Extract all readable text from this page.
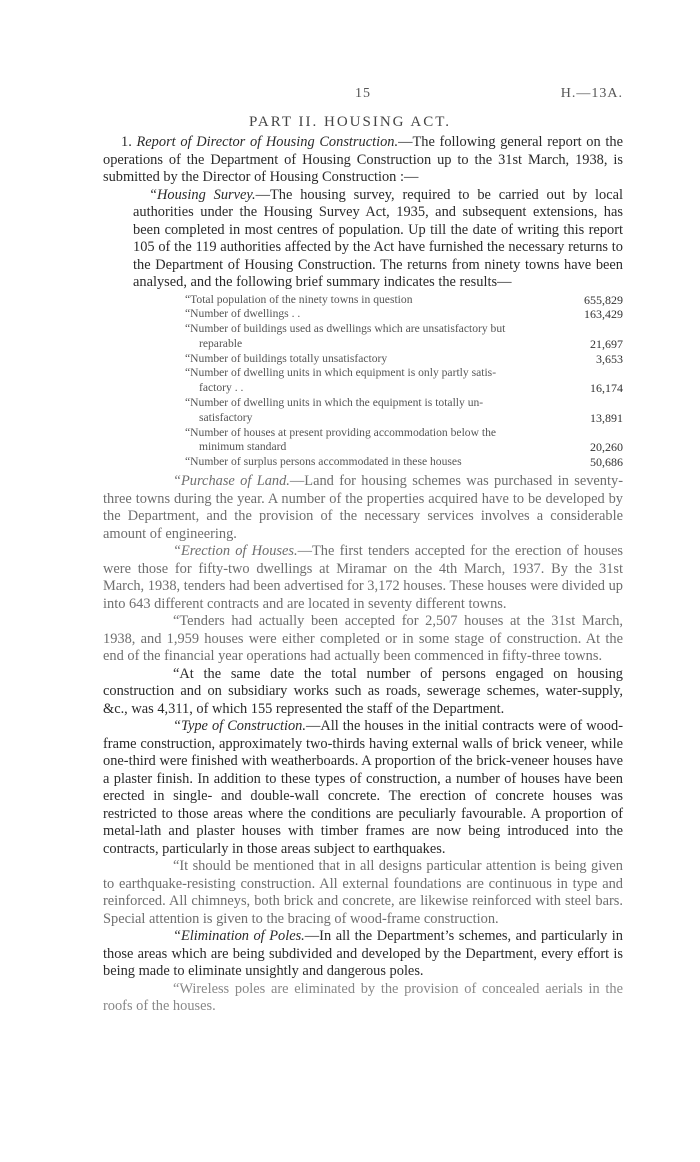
15	H.—13A.
PART II. HOUSING ACT.

1. Report of Director of Housing Construction.—The following general report on the operations of the Department of Housing Construction up to the 31st March, 1938, is submitted by the Director of Housing Construction :—

“Housing Survey.—The housing survey, required to be carried out by local authorities under the Housing Survey Act, 1935, and subsequent extensions, has been completed in most centres of population. Up till the date of writing this report 105 of the 119 authorities affected by the Act have furnished the necessary returns to the Department of Housing Construction. The returns from ninety towns have been analysed, and the following brief summary indicates the results—

“Total population of the ninety towns in question	655,829
“Number of dwellings . .	163,429
“Number of buildings used as dwellings which are unsatisfactory but
reparable	21,697
“Number of buildings totally unsatisfactory	3,653
“Number of dwelling units in which equipment is only partly satis-
factory . .	16,174
“Number of dwelling units in which the equipment is totally un-
satisfactory	13,891
“Number of houses at present providing accommodation below the
minimum standard	20,260
“Number of surplus persons accommodated in these houses	50,686

“Purchase of Land.—Land for housing schemes was purchased in seventy-three towns during the year. A number of the properties acquired have to be developed by the Department, and the provision of the necessary services involves a considerable amount of engineering.

“Erection of Houses.—The first tenders accepted for the erection of houses were those for fifty-two dwellings at Miramar on the 4th March, 1937. By the 31st March, 1938, tenders had been advertised for 3,172 houses. These houses were divided up into 643 different contracts and are located in seventy different towns.

“Tenders had actually been accepted for 2,507 houses at the 31st March, 1938, and 1,959 houses were either completed or in some stage of construction. At the end of the financial year operations had actually been commenced in fifty-three towns.

“At the same date the total number of persons engaged on housing construction and on subsidiary works such as roads, sewerage schemes, water-supply, &c., was 4,311, of which 155 represented the staff of the Department.

“Type of Construction.—All the houses in the initial contracts were of wood-frame construction, approximately two-thirds having external walls of brick veneer, while one-third were finished with weatherboards. A proportion of the brick-veneer houses have a plaster finish. In addition to these types of construction, a number of houses have been erected in single- and double-wall concrete. The erection of concrete houses was restricted to those areas where the conditions are peculiarly favourable. A proportion of metal-lath and plaster houses with timber frames are now being introduced into the contracts, particularly in those areas subject to earthquakes.

“It should be mentioned that in all designs particular attention is being given to earthquake-resisting construction. All external foundations are continuous in type and reinforced. All chimneys, both brick and concrete, are likewise reinforced with steel bars. Special attention is given to the bracing of wood-frame construction.

“Elimination of Poles.—In all the Department’s schemes, and particularly in those areas which are being subdivided and developed by the Department, every effort is being made to eliminate unsightly and dangerous poles.

“Wireless poles are eliminated by the provision of concealed aerials in the roofs of the houses.
